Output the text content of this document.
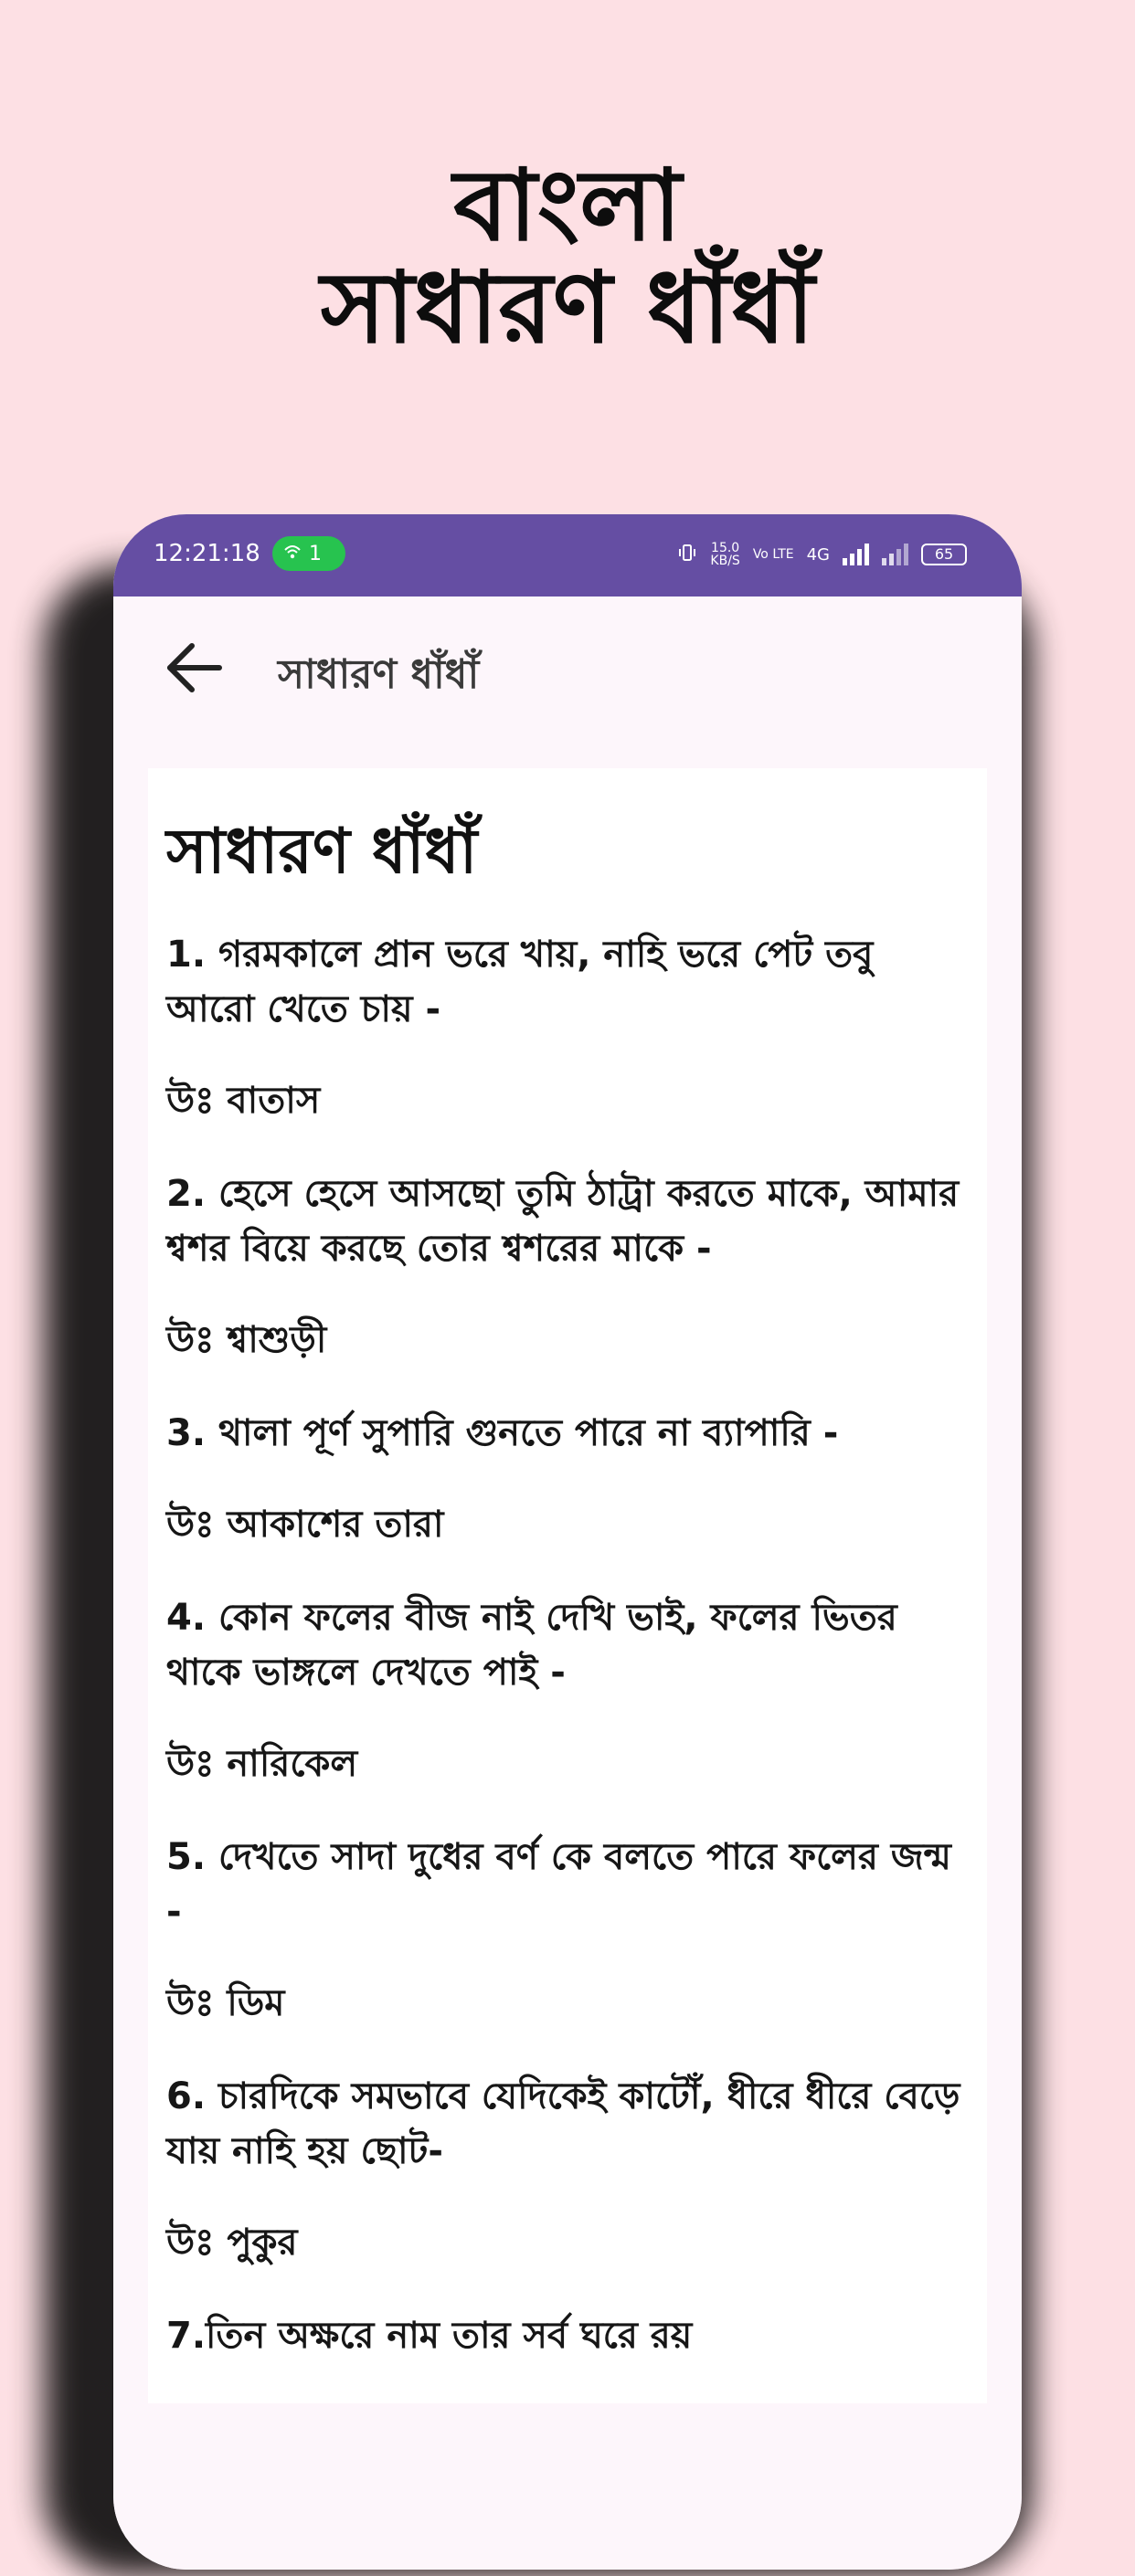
বাংলা
সাধারণ ধাঁধাঁ
12:21:18	1	15.0
KB/S Vo LTE 4G	65
সাধারণ ধাঁধাঁ
সাধারণ ধাঁধাঁ
1. গরমকালে প্রান ভরে খায়, নাহি ভরে পেট তবু আরো খেতে চায় -
উঃ বাতাস
2. হেসে হেসে আসছো তুমি ঠাট্রা করতে মাকে, আমার শ্বশর বিয়ে করছে তোর শ্বশরের মাকে -
উঃ শ্বাশুড়ী
3. থালা পূর্ণ সুপারি গুনতে পারে না ব্যাপারি -
উঃ আকাশের তারা
4. কোন ফলের বীজ নাই দেখি ভাই, ফলের ভিতর থাকে ভাঙ্গলে দেখতে পাই -
উঃ নারিকেল
5. দেখতে সাদা দুধের বর্ণ কে বলতে পারে ফলের জন্ম -
উঃ ডিম
6. চারদিকে সমভাবে যেদিকেই কাটোঁ, ধীরে ধীরে বেড়ে যায় নাহি হয় ছোট-
উঃ পুকুর
7.তিন অক্ষরে নাম তার সর্ব ঘরে রয়
